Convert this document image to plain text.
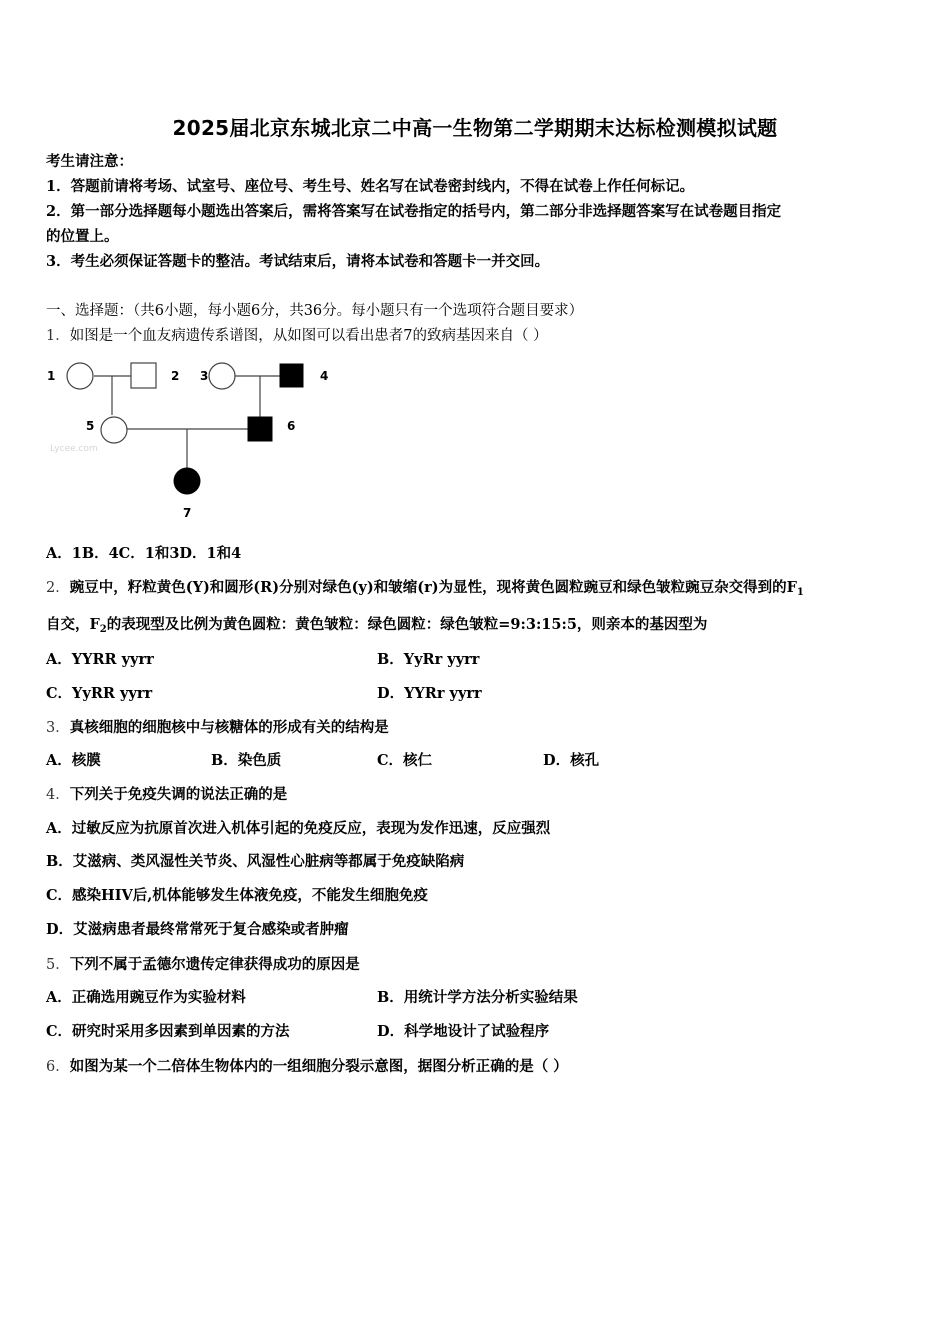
2025届北京东城北京二中高一生物第二学期期末达标检测模拟试题
考生请注意：
1．答题前请将考场、试室号、座位号、考生号、姓名写在试卷密封线内，不得在试卷上作任何标记。
2．第一部分选择题每小题选出答案后，需将答案写在试卷指定的括号内，第二部分非选择题答案写在试卷题目指定
的位置上。
3．考生必须保证答题卡的整洁。考试结束后，请将本试卷和答题卡一并交回。
一、选择题：（共6小题，每小题6分，共36分。每小题只有一个选项符合题目要求）
1．如图是一个血友病遗传系谱图，从如图可以看出患者7的致病基因来自（ ）
1	2 3	4
5	6
7
Lycee.com
A．1B．4C．1和3D．1和4
2．豌豆中，籽粒黄色(Y)和圆形(R)分别对绿色(y)和皱缩(r)为显性，现将黄色圆粒豌豆和绿色皱粒豌豆杂交得到的$F_1$
自交，$F_2$的表现型及比例为黄色圆粒：黄色皱粒：绿色圆粒：绿色皱粒=9:3:15:5，则亲本的基因型为
A．YYRR yyrr	B．YyRr yyrr
C．YyRR yyrr	D．YYRr yyrr
3．真核细胞的细胞核中与核糖体的形成有关的结构是
A．核膜	B．染色质	C．核仁	D．核孔
4．下列关于免疫失调的说法正确的是
A．过敏反应为抗原首次进入机体引起的免疫反应，表现为发作迅速，反应强烈
B．艾滋病、类风湿性关节炎、风湿性心脏病等都属于免疫缺陷病
C．感染HIV后,机体能够发生体液免疫，不能发生细胞免疫
D．艾滋病患者最终常常死于复合感染或者肿瘤
5．下列不属于孟德尔遗传定律获得成功的原因是
A．正确选用豌豆作为实验材料	B．用统计学方法分析实验结果
C．研究时采用多因素到单因素的方法	D．科学地设计了试验程序
6．如图为某一个二倍体生物体内的一组细胞分裂示意图，据图分析正确的是（ ）
